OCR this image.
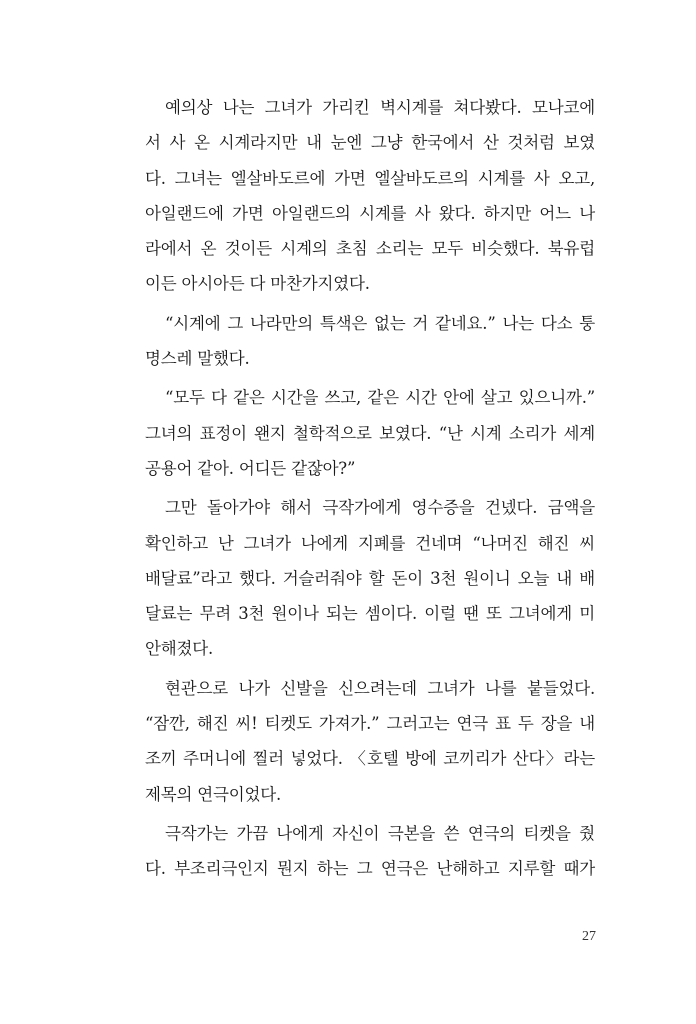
예의상 나는 그녀가 가리킨 벽시계를 쳐다봤다. 모나코에
서 사 온 시계라지만 내 눈엔 그냥 한국에서 산 것처럼 보였
다. 그녀는 엘살바도르에 가면 엘살바도르의 시계를 사 오고,
아일랜드에 가면 아일랜드의 시계를 사 왔다. 하지만 어느 나
라에서 온 것이든 시계의 초침 소리는 모두 비슷했다. 북유럽
이든 아시아든 다 마찬가지였다.
“시계에 그 나라만의 특색은 없는 거 같네요.” 나는 다소 퉁
명스레 말했다.
“모두 다 같은 시간을 쓰고, 같은 시간 안에 살고 있으니까.”
그녀의 표정이 왠지 철학적으로 보였다. “난 시계 소리가 세계
공용어 같아. 어디든 같잖아?”
그만 돌아가야 해서 극작가에게 영수증을 건넸다. 금액을
확인하고 난 그녀가 나에게 지폐를 건네며 “나머진 해진 씨
배달료”라고 했다. 거슬러줘야 할 돈이 3천 원이니 오늘 내 배
달료는 무려 3천 원이나 되는 셈이다. 이럴 땐 또 그녀에게 미
안해졌다.
현관으로 나가 신발을 신으려는데 그녀가 나를 붙들었다.
“잠깐, 해진 씨! 티켓도 가져가.” 그러고는 연극 표 두 장을 내
조끼 주머니에 찔러 넣었다. 〈호텔 방에 코끼리가 산다〉라는
제목의 연극이었다.
극작가는 가끔 나에게 자신이 극본을 쓴 연극의 티켓을 줬
다. 부조리극인지 뭔지 하는 그 연극은 난해하고 지루할 때가
27
